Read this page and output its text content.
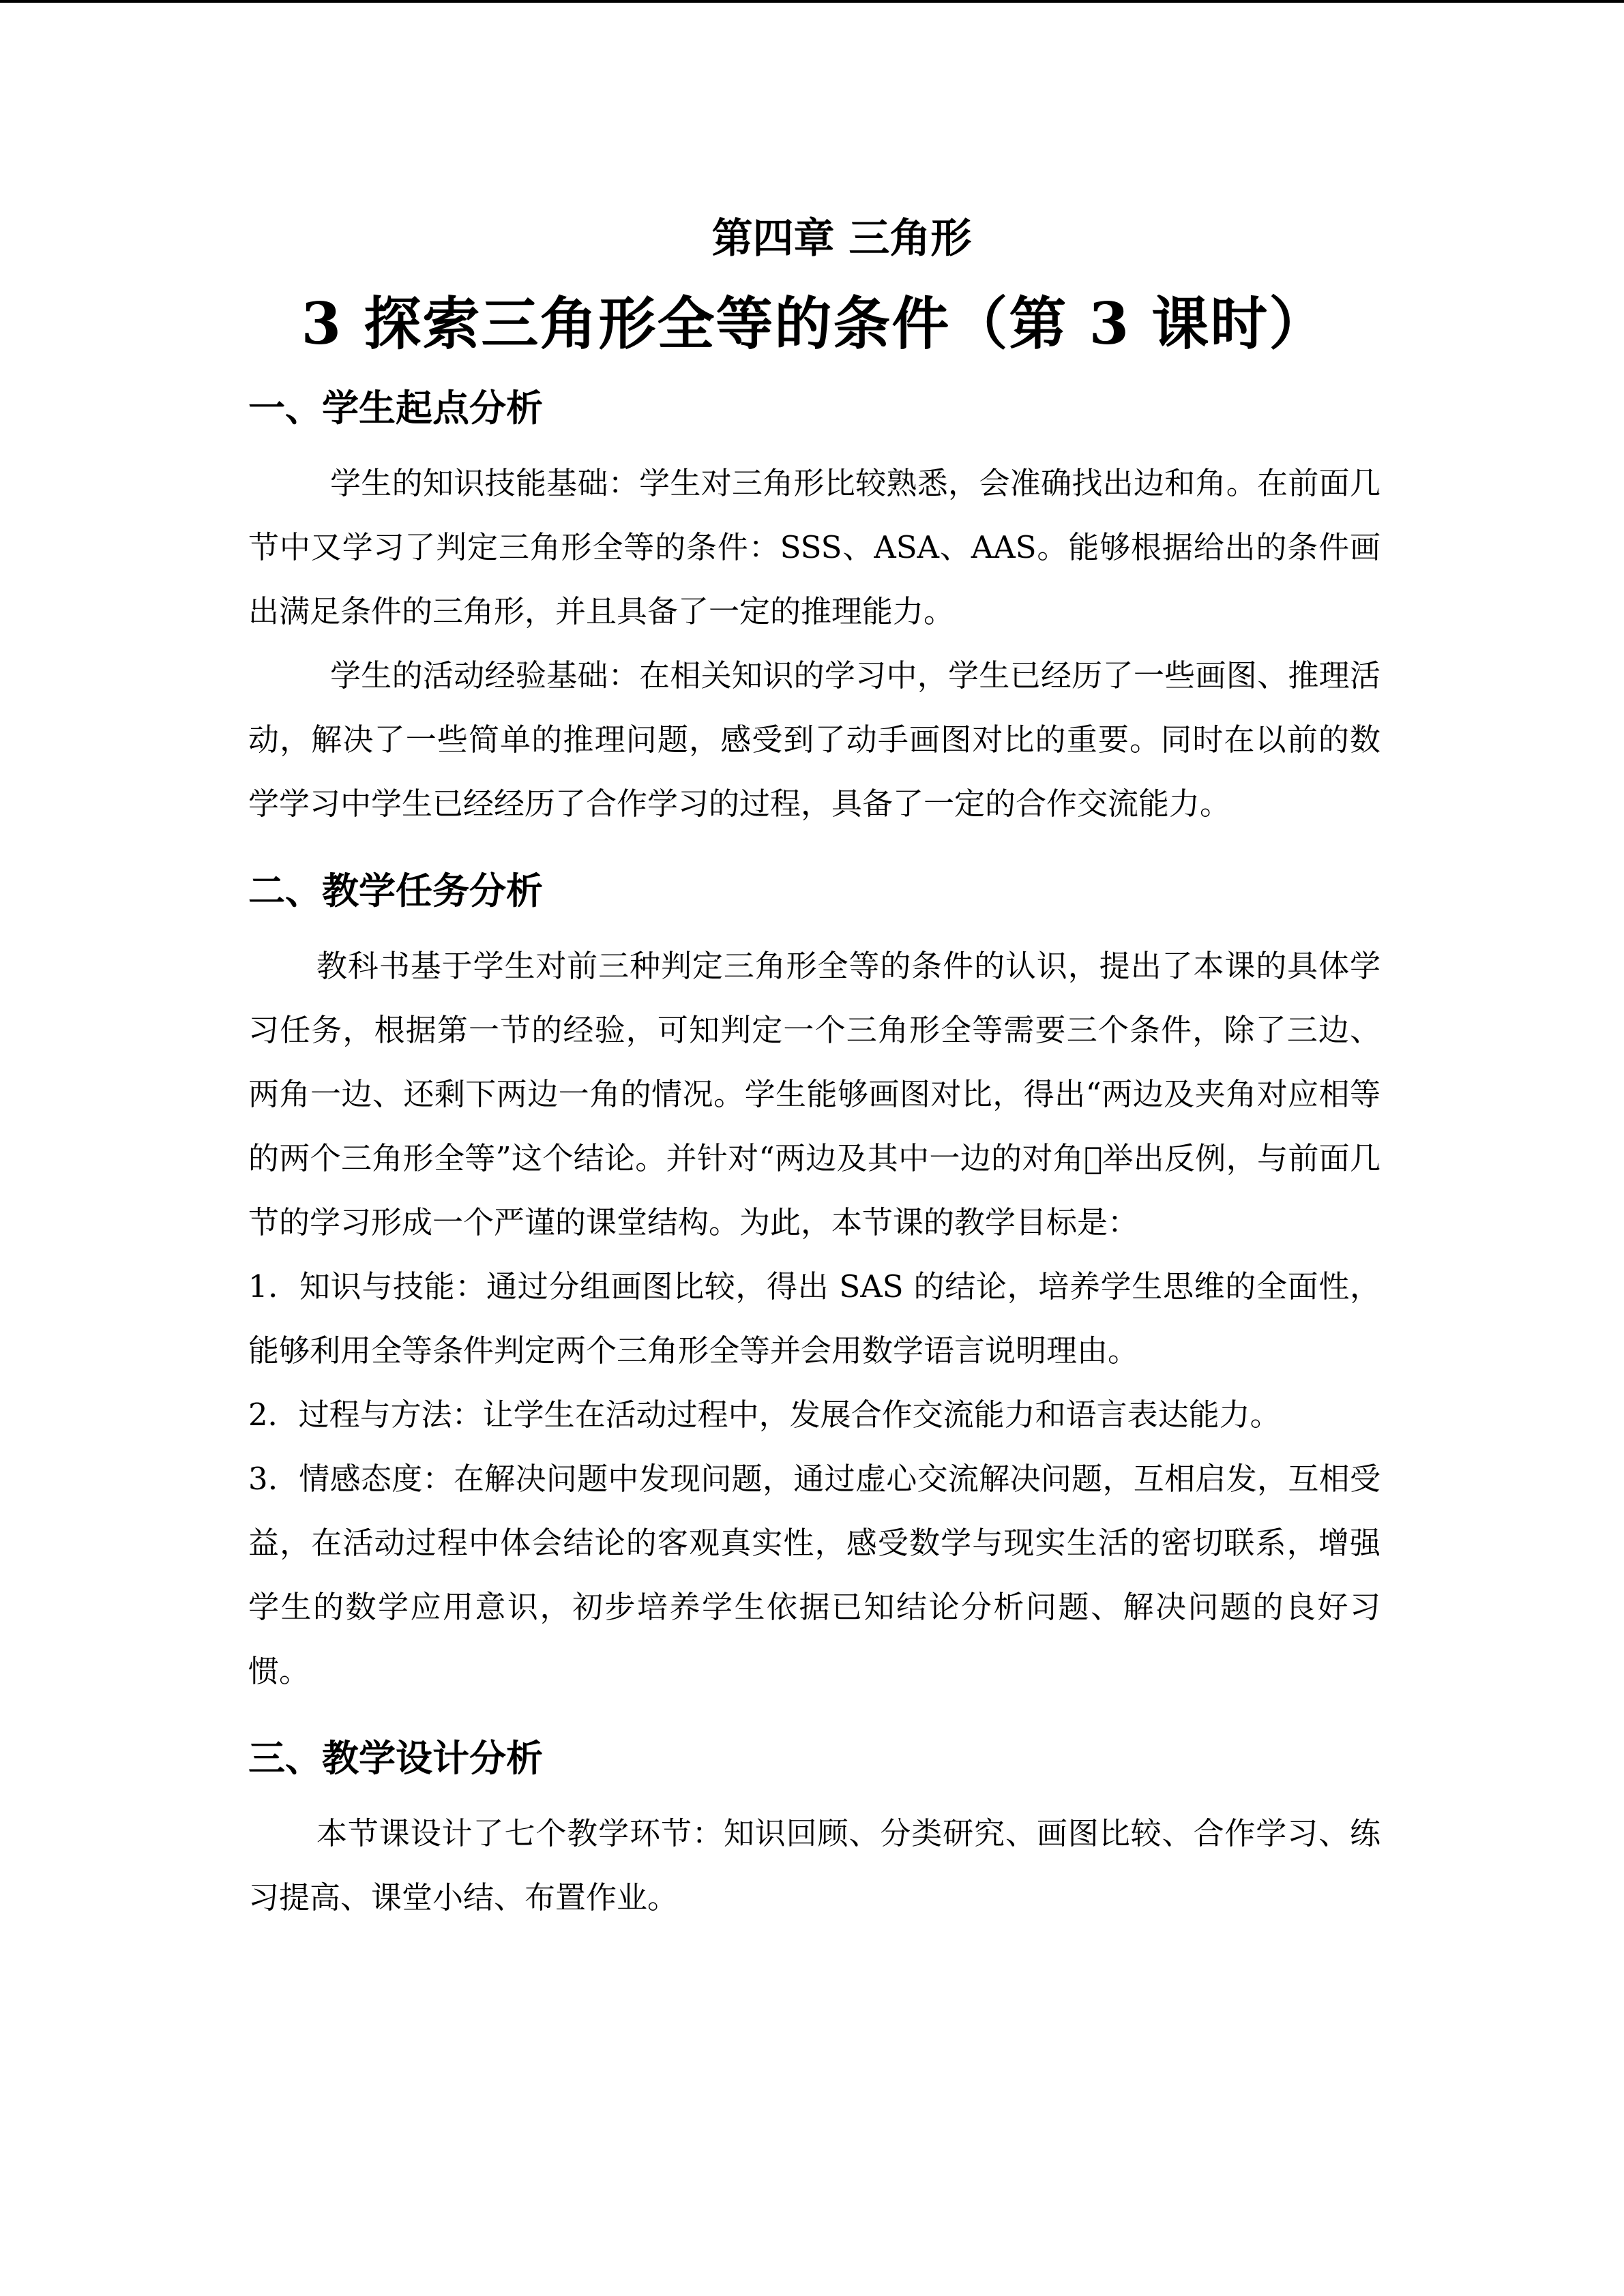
第四章 三角形
3 探索三角形全等的条件（第 3 课时）
一、学生起点分析

学生的知识技能基础：学生对三角形比较熟悉，会准确找出边和角。在前面几节中又学习了判定三角形全等的条件：SSS、ASA、AAS。能够根据给出的条件画出满足条件的三角形，并且具备了一定的推理能力。

学生的活动经验基础：在相关知识的学习中，学生已经历了一些画图、推理活动，解决了一些简单的推理问题，感受到了动手画图对比的重要。同时在以前的数学学习中学生已经经历了合作学习的过程，具备了一定的合作交流能力。

二、教学任务分析

教科书基于学生对前三种判定三角形全等的条件的认识，提出了本课的具体学习任务，根据第一节的经验，可知判定一个三角形全等需要三个条件，除了三边、两角一边、还剩下两边一角的情况。学生能够画图对比，得出“两边及夹角对应相等的两个三角形全等”这个结论。并针对“两边及其中一边的对角 举出反例，与前面几节的学习形成一个严谨的课堂结构。为此，本节课的教学目标是：

1．知识与技能：通过分组画图比较，得出 SAS 的结论，培养学生思维的全面性，能够利用全等条件判定两个三角形全等并会用数学语言说明理由。

2．过程与方法：让学生在活动过程中，发展合作交流能力和语言表达能力。

3．情感态度：在解决问题中发现问题，通过虚心交流解决问题，互相启发，互相受益，在活动过程中体会结论的客观真实性，感受数学与现实生活的密切联系，增强学生的数学应用意识，初步培养学生依据已知结论分析问题、解决问题的良好习惯。

三、教学设计分析

本节课设计了七个教学环节：知识回顾、分类研究、画图比较、合作学习、练习提高、课堂小结、布置作业。
